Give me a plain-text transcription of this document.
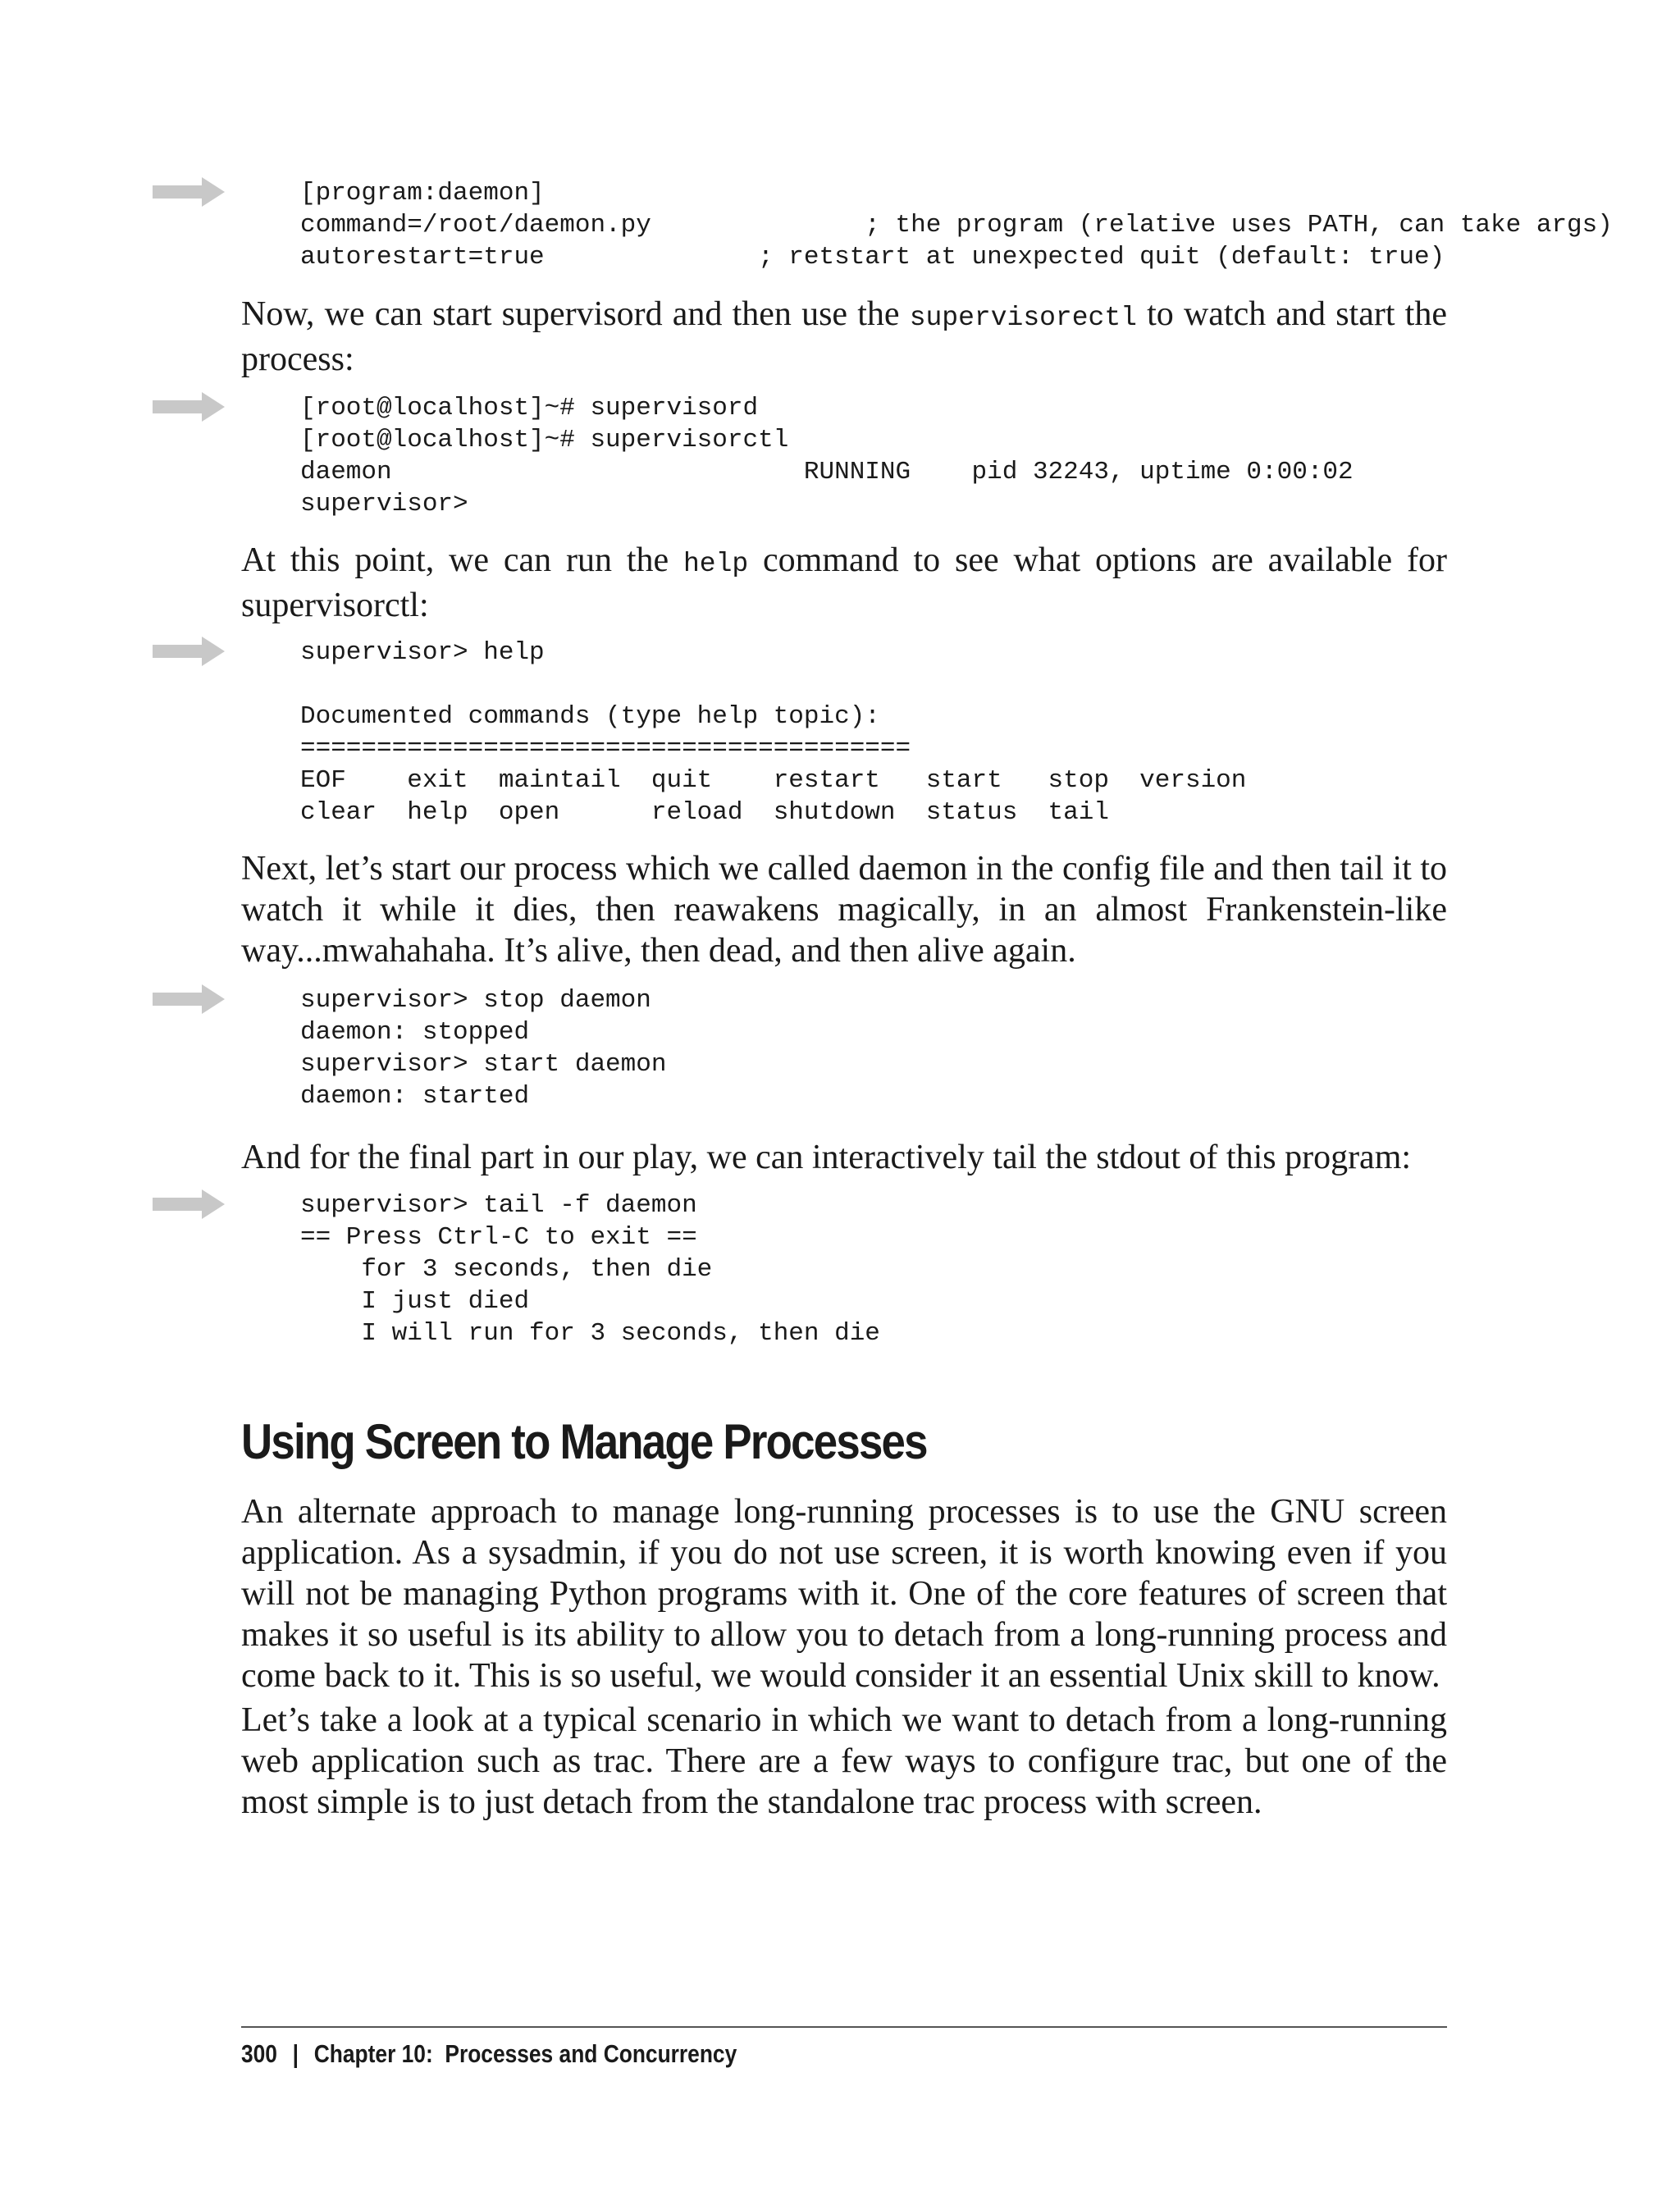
[program:daemon]
command=/root/daemon.py              ; the program (relative uses PATH, can take args)
autorestart=true              ; retstart at unexpected quit (default: true)

Now, we can start supervisord and then use the supervisorectl to watch and start the process:

[root@localhost]~# supervisord
[root@localhost]~# supervisorctl
daemon                           RUNNING    pid 32243, uptime 0:00:02
supervisor>

At this point, we can run the help command to see what options are available for supervisorctl:

supervisor> help

Documented commands (type help topic):
========================================
EOF    exit  maintail  quit    restart   start   stop  version
clear  help  open      reload  shutdown  status  tail

Next, let’s start our process which we called daemon in the config file and then tail it to watch it while it dies, then reawakens magically, in an almost Frankenstein-like way...mwahahaha. It’s alive, then dead, and then alive again.

supervisor> stop daemon
daemon: stopped
supervisor> start daemon
daemon: started

And for the final part in our play, we can interactively tail the stdout of this program:

supervisor> tail -f daemon
== Press Ctrl-C to exit ==
for 3 seconds, then die
I just died
I will run for 3 seconds, then die
Using Screen to Manage Processes

An alternate approach to manage long-running processes is to use the GNU screen application. As a sysadmin, if you do not use screen, it is worth knowing even if you will not be managing Python programs with it. One of the core features of screen that makes it so useful is its ability to allow you to detach from a long-running process and come back to it. This is so useful, we would consider it an essential Unix skill to know.

Let’s take a look at a typical scenario in which we want to detach from a long-running web application such as trac. There are a few ways to configure trac, but one of the most simple is to just detach from the standalone trac process with screen.

300 | Chapter 10:  Processes and Concurrency
